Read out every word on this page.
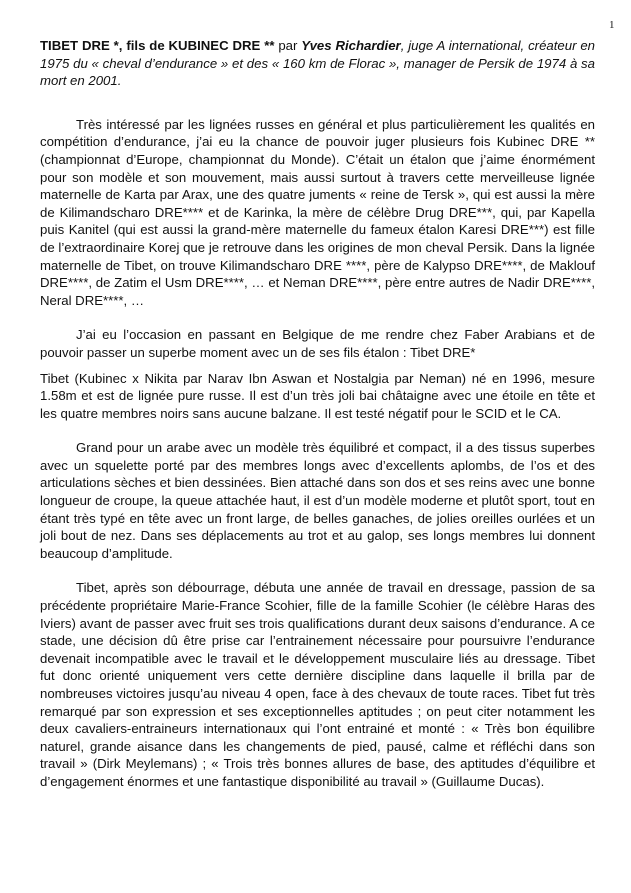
1

TIBET DRE *, fils de KUBINEC DRE ** par Yves Richardier, juge A international, créateur en 1975 du « cheval d’endurance » et des « 160 km de Florac », manager de Persik de 1974 à sa mort en 2001.

Très intéressé par les lignées russes en général et plus particulièrement les qualités en compétition d’endurance, j’ai eu la chance de pouvoir juger plusieurs fois Kubinec DRE ** (championnat d’Europe, championnat du Monde). C’était un étalon que j’aime énormément pour son modèle et son mouvement, mais aussi surtout à travers cette merveilleuse lignée maternelle de Karta par Arax, une des quatre juments « reine de Tersk », qui est aussi la mère de Kilimandscharo DRE**** et de Karinka, la mère de célèbre Drug DRE***, qui, par Kapella puis Kanitel (qui est aussi la grand-mère maternelle du fameux étalon Karesi DRE***) est fille de l’extraordinaire Korej que je retrouve dans les origines de mon cheval Persik. Dans la lignée maternelle de Tibet, on trouve Kilimandscharo DRE ****, père de Kalypso DRE****, de Maklouf DRE****, de Zatim el Usm DRE****, … et Neman DRE****, père entre autres de Nadir DRE****, Neral DRE****, …

J’ai eu l’occasion en passant en Belgique de me rendre chez Faber Arabians et de pouvoir passer un superbe moment avec un de ses fils étalon : Tibet DRE*

Tibet (Kubinec x Nikita par Narav Ibn Aswan et Nostalgia par Neman) né en 1996, mesure 1.58m et est de lignée pure russe. Il est d’un très joli bai châtaigne avec une étoile en tête et les quatre membres noirs sans aucune balzane. Il est testé négatif pour le SCID et le CA.

Grand pour un arabe avec un modèle très équilibré et compact, il a des tissus superbes avec un squelette porté par des membres longs avec d’excellents aplombs, de l’os et des articulations sèches et bien dessinées. Bien attaché dans son dos et ses reins avec une bonne longueur de croupe, la queue attachée haut, il est d’un modèle moderne et plutôt sport, tout en étant très typé en tête avec un front large, de belles ganaches, de jolies oreilles ourlées et un joli bout de nez. Dans ses déplacements au trot et au galop, ses longs membres lui donnent beaucoup d’amplitude.

Tibet, après son débourrage, débuta une année de travail en dressage, passion de sa précédente propriétaire Marie-France Scohier, fille de la famille Scohier (le célèbre Haras des Iviers) avant de passer avec fruit ses trois qualifications durant deux saisons d’endurance. A ce stade, une décision dû être prise car l’entrainement nécessaire pour poursuivre l’endurance devenait incompatible avec le travail et le développement musculaire liés au dressage. Tibet fut donc orienté uniquement vers cette dernière discipline dans laquelle il brilla par de nombreuses victoires jusqu’au niveau 4 open, face à des chevaux de toute races. Tibet fut très remarqué par son expression et ses exceptionnelles aptitudes ; on peut citer notamment les deux cavaliers-entraineurs internationaux qui l’ont entrainé et monté : « Très bon équilibre naturel, grande aisance dans les changements de pied, pausé, calme et réfléchi dans son travail » (Dirk Meylemans) ; « Trois très bonnes allures de base, des aptitudes d’équilibre et d’engagement énormes et une fantastique disponibilité au travail » (Guillaume Ducas).
